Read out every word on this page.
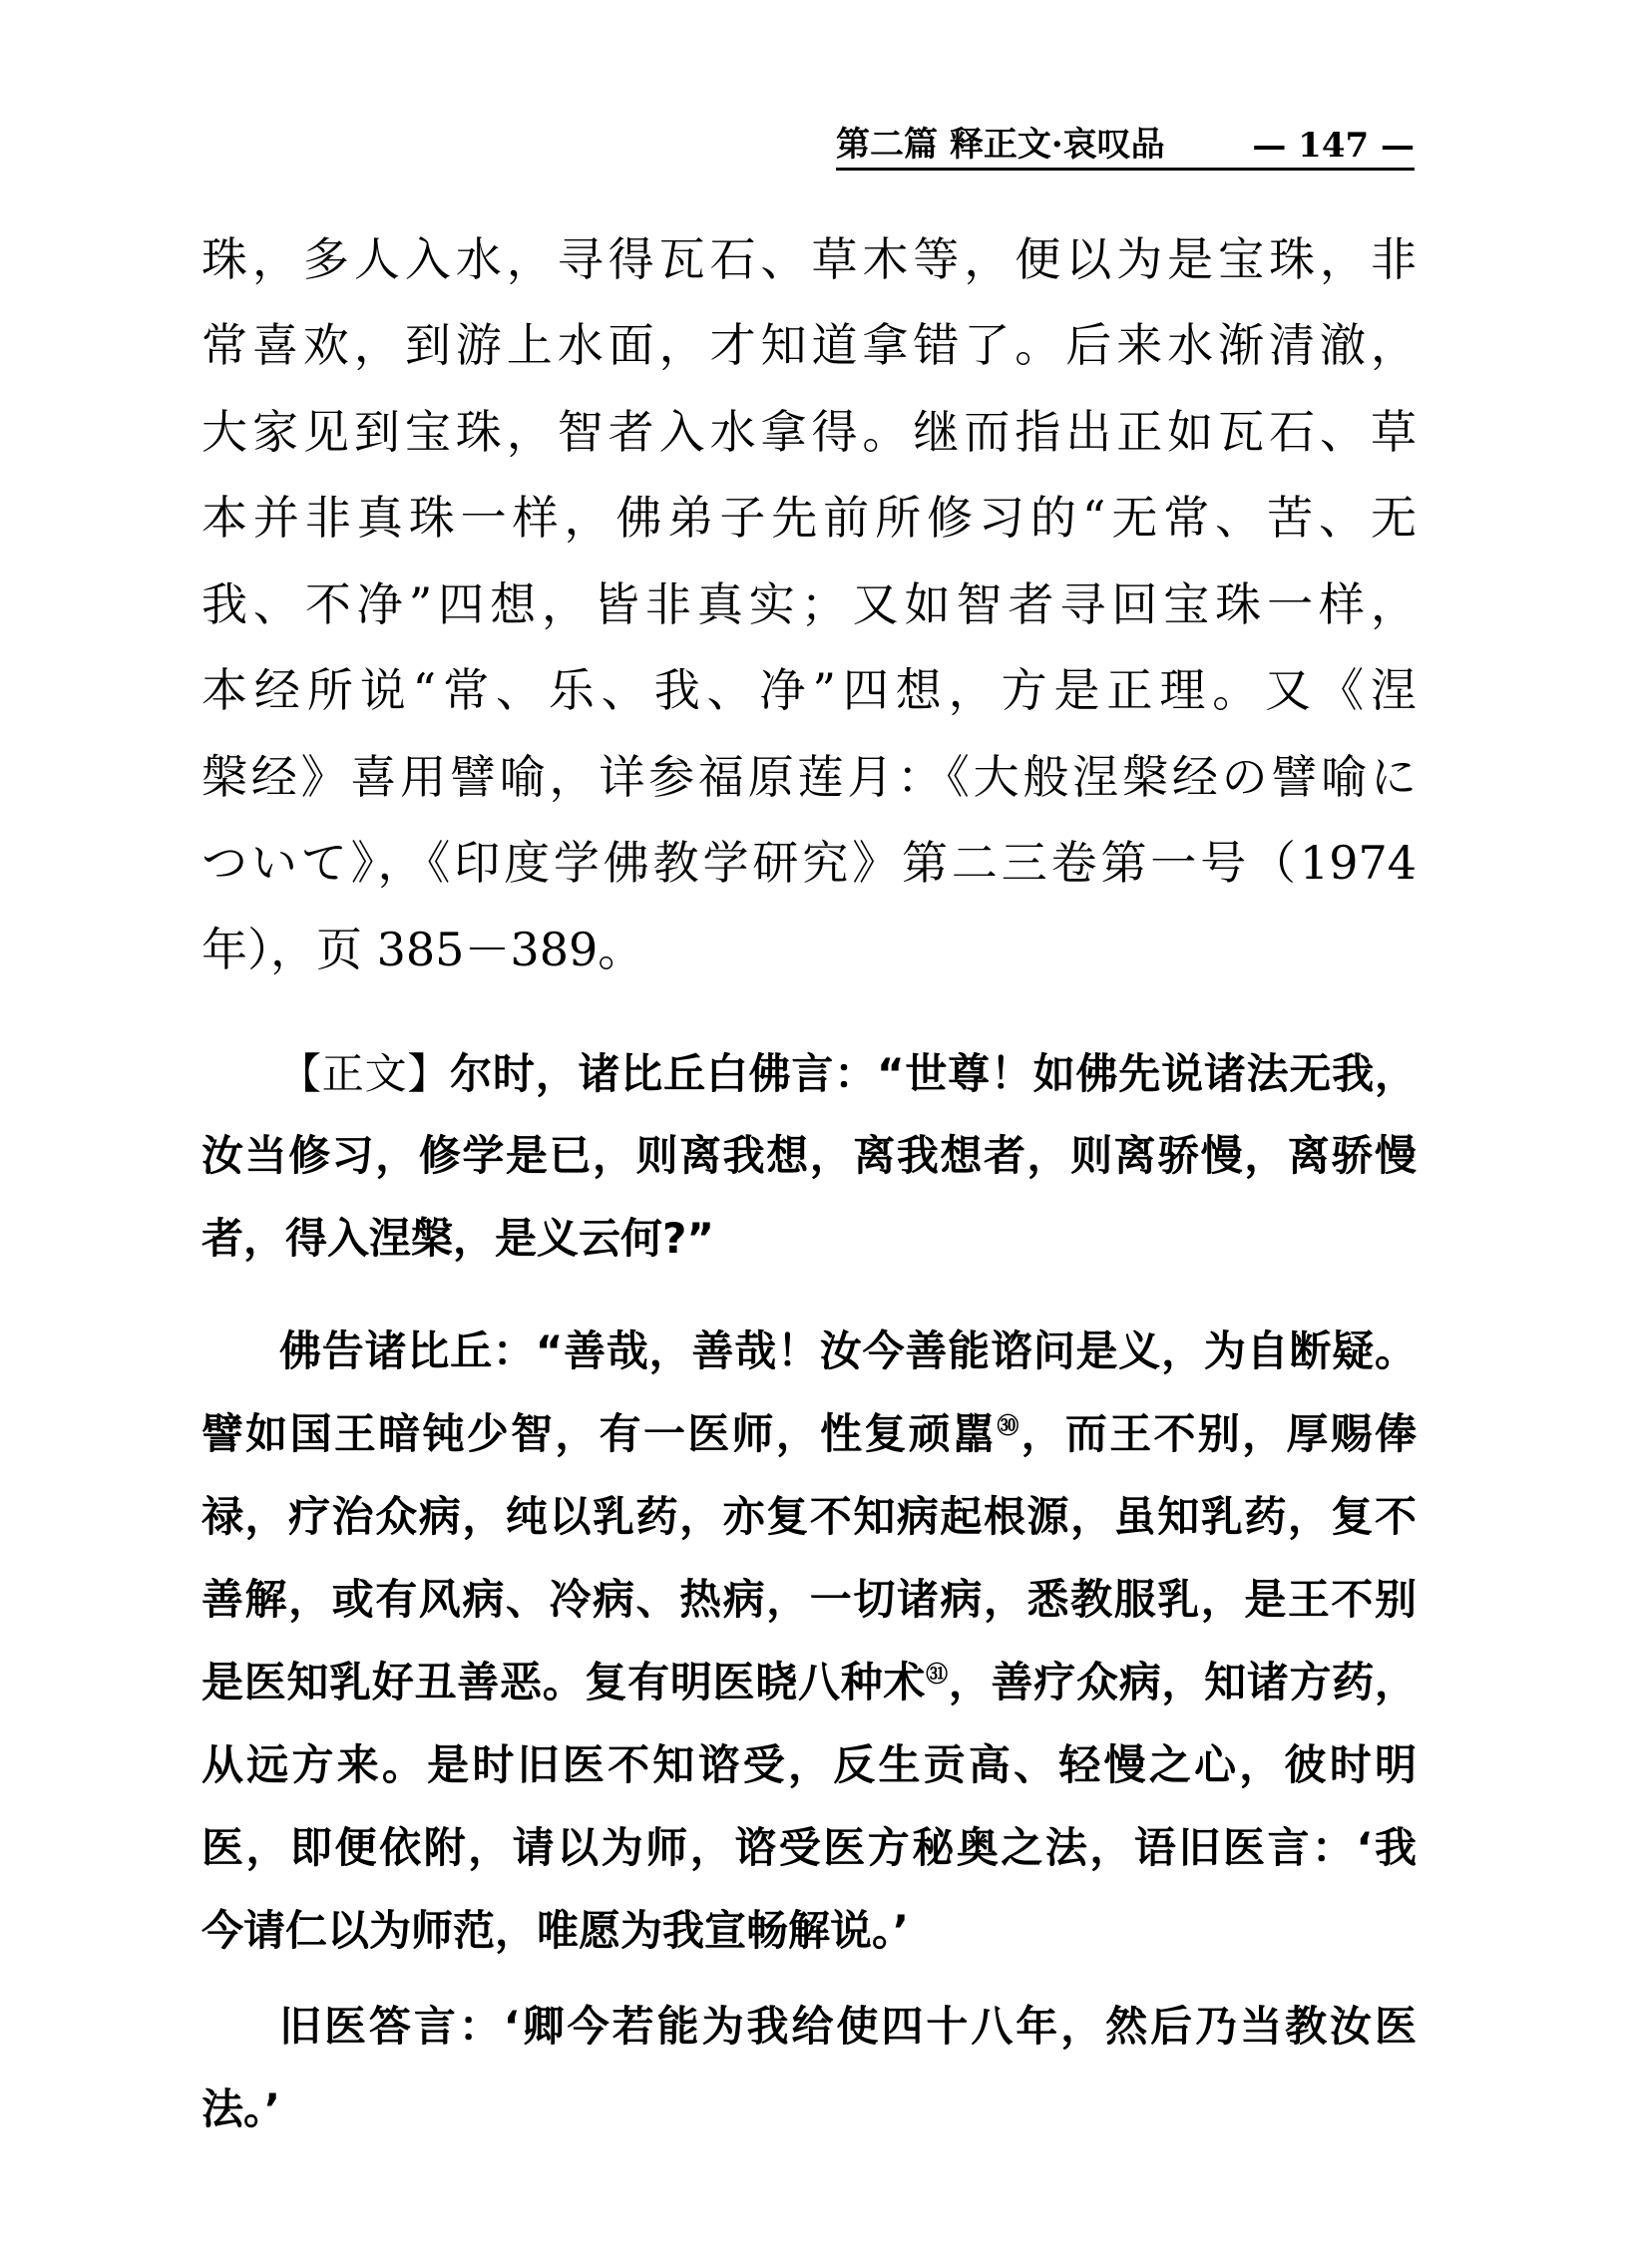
第二篇 释正文·哀叹品	— 147 —
珠，多人入水，寻得瓦石、草木等，便以为是宝珠，非
常喜欢，到游上水面，才知道拿错了。后来水渐清澈，
大家见到宝珠，智者入水拿得。继而指出正如瓦石、草
本并非真珠一样，佛弟子先前所修习的“无常、苦、无
我、不净”四想，皆非真实；又如智者寻回宝珠一样，
本经所说“常、乐、我、净”四想，方是正理。又《涅
槃经》喜用譬喻，详参福原莲月：《大般涅槃经の譬喻に
ついて》，《印度学佛教学研究》第二三卷第一号（1974
年），页 385－389。
【正文】尔时，诸比丘白佛言：“世尊！如佛先说诸法无我，
汝当修习，修学是已，则离我想，离我想者，则离骄慢，离骄慢
者，得入涅槃，是义云何?”
佛告诸比丘：“善哉，善哉！汝今善能谘问是义，为自断疑。
譬如国王暗钝少智，有一医师，性复顽嚚$^㉚$，而王不别，厚赐俸
禄，疗治众病，纯以乳药，亦复不知病起根源，虽知乳药，复不
善解，或有风病、冷病、热病，一切诸病，悉教服乳，是王不别
是医知乳好丑善恶。复有明医晓八种术$^㉛$，善疗众病，知诸方药，
从远方来。是时旧医不知谘受，反生贡高、轻慢之心，彼时明
医，即便依附，请以为师，谘受医方秘奥之法，语旧医言：‘我
今请仁以为师范，唯愿为我宣畅解说。’
旧医答言：‘卿今若能为我给使四十八年，然后乃当教汝医
法。’
